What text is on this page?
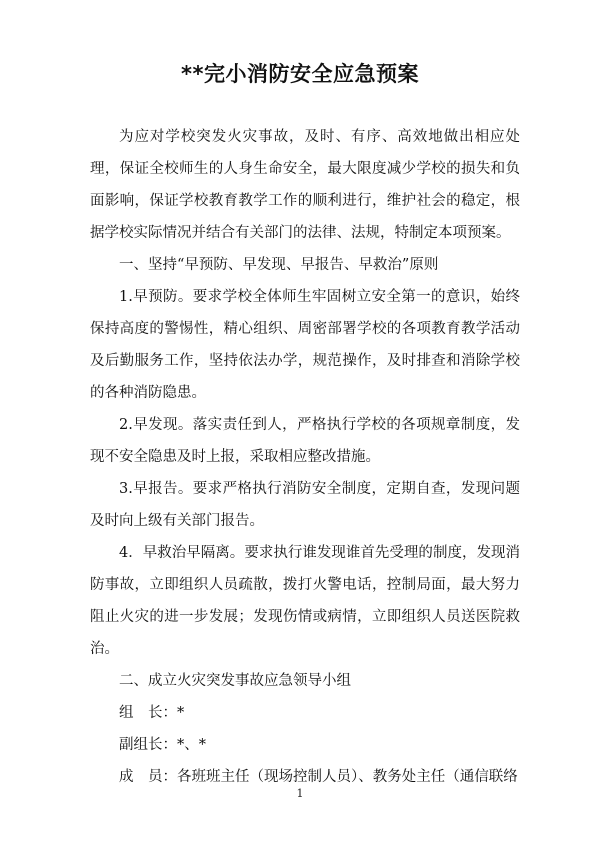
**完小消防安全应急预案

为应对学校突发火灾事故，及时、有序、高效地做出相应处理，保证全校师生的人身生命安全，最大限度减少学校的损失和负面影响，保证学校教育教学工作的顺利进行，维护社会的稳定，根据学校实际情况并结合有关部门的法律、法规，特制定本项预案。

一、坚持“早预防、早发现、早报告、早救治”原则

1.早预防。要求学校全体师生牢固树立安全第一的意识，始终保持高度的警惕性，精心组织、周密部署学校的各项教育教学活动及后勤服务工作，坚持依法办学，规范操作，及时排查和消除学校的各种消防隐患。

2.早发现。落实责任到人，严格执行学校的各项规章制度，发现不安全隐患及时上报，采取相应整改措施。

3.早报告。要求严格执行消防安全制度，定期自查，发现问题及时向上级有关部门报告。

4．早救治早隔离。要求执行谁发现谁首先受理的制度，发现消防事故，立即组织人员疏散，拨打火警电话，控制局面，最大努力阻止火灾的进一步发展；发现伤情或病情，立即组织人员送医院救治。

二、成立火灾突发事故应急领导小组

组　长：*

副组长：*、*

成　员：各班班主任（现场控制人员）、教务处主任（通信联络

1
